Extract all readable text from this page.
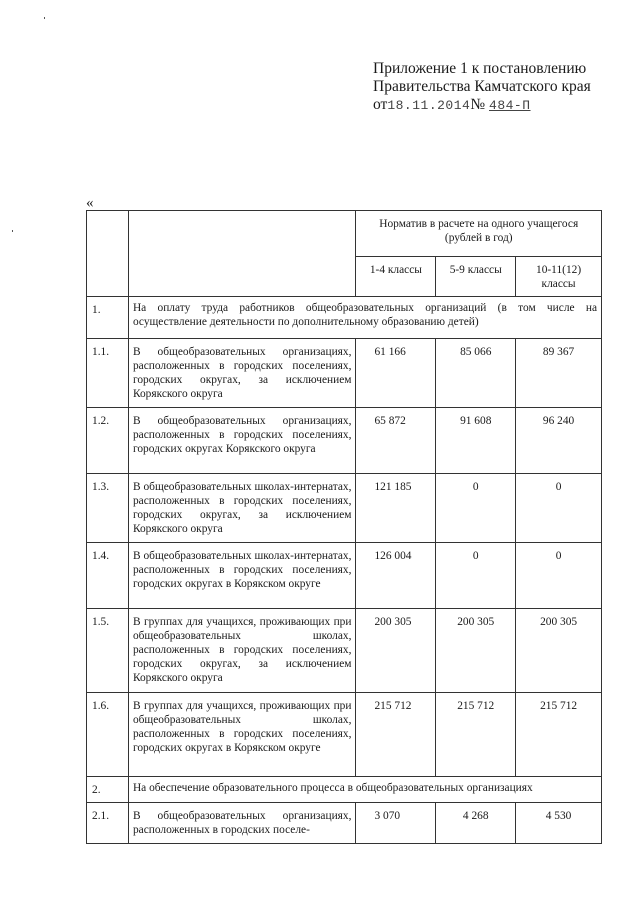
Приложение 1 к постановлению
Правительства Камчатского края
от18.11.2014№ 484-П
«
		Норматив в расчете на одного учащегося (рублей в год)		
		1-4 классы	5-9 классы	10-11(12) классы
1.	На оплату труда работников общеобразовательных организаций (в том числе на осуществление деятельности по дополнительному образованию детей)			
1.1.	В общеобразовательных организациях, расположенных в городских поселениях, городских округах, за исключением Корякского округа	61 166	85 066	89 367
1.2.	В общеобразовательных организациях, расположенных в городских поселениях, городских округах Корякского округа	65 872	91 608	96 240
1.3.	В общеобразовательных школах-интернатах, расположенных в городских поселениях, городских округах, за исключением Корякского округа	121 185	0	0
1.4.	В общеобразовательных школах-интернатах, расположенных в городских поселениях, городских округах в Корякском округе	126 004	0	0
1.5.	В группах для учащихся, проживающих при общеобразовательных школах, расположенных в городских поселениях, городских округах, за исключением Корякского округа	200 305	200 305	200 305
1.6.	В группах для учащихся, проживающих при общеобразовательных школах, расположенных в городских поселениях, городских округах в Корякском округе	215 712	215 712	215 712
2.	На обеспечение образовательного процесса в общеобразовательных организациях			
2.1.	В общеобразовательных организациях, расположенных в городских поселе-	3 070	4 268	4 530
